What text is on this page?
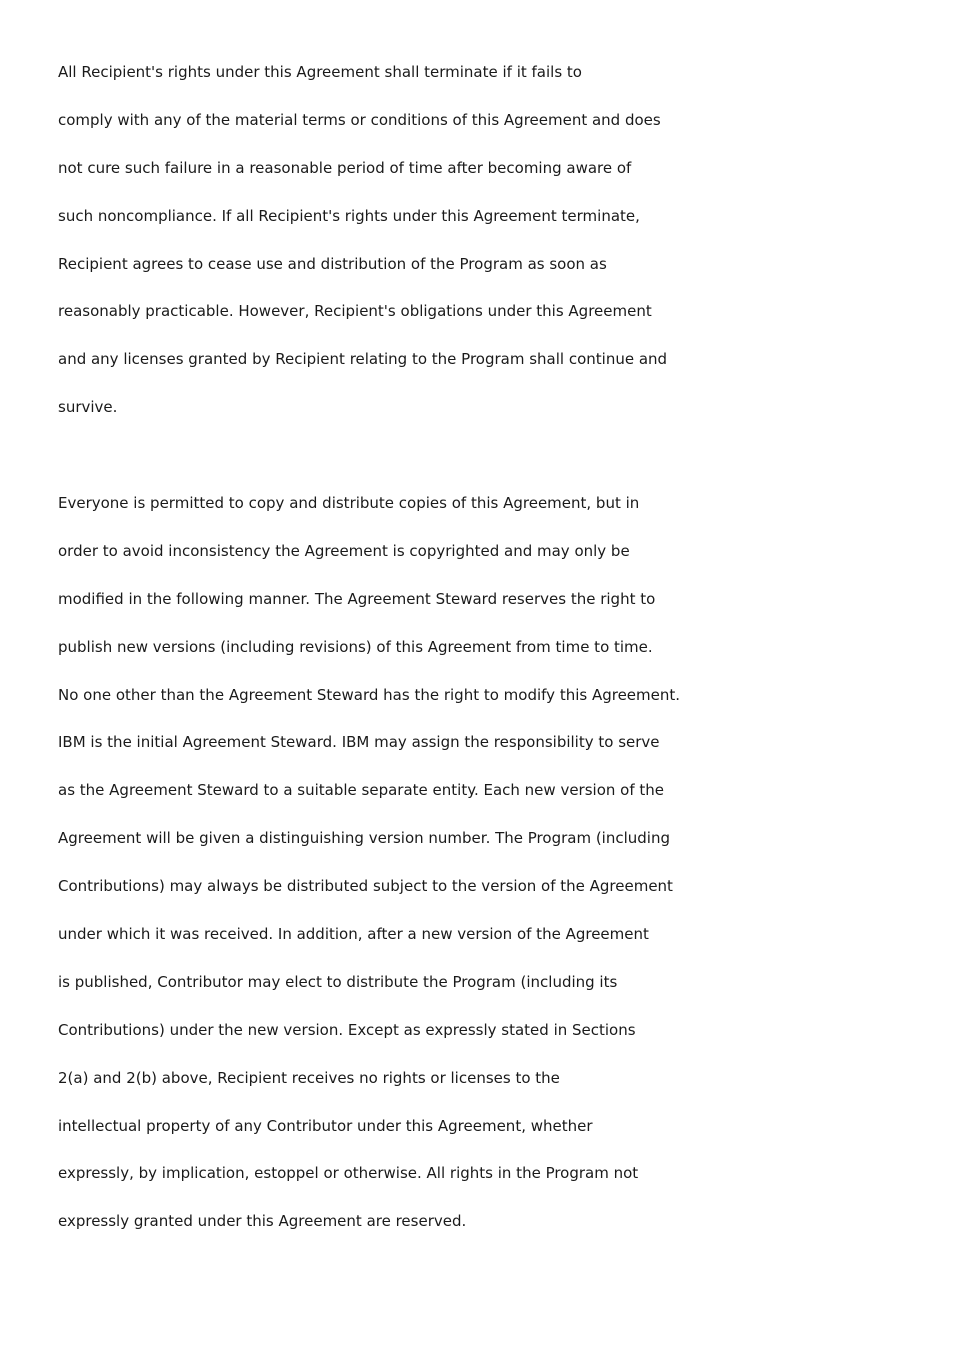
All Recipient's rights under this Agreement shall terminate if it fails to
comply with any of the material terms or conditions of this Agreement and does
not cure such failure in a reasonable period of time after becoming aware of
such noncompliance. If all Recipient's rights under this Agreement terminate,
Recipient agrees to cease use and distribution of the Program as soon as
reasonably practicable. However, Recipient's obligations under this Agreement
and any licenses granted by Recipient relating to the Program shall continue and
survive.
Everyone is permitted to copy and distribute copies of this Agreement, but in
order to avoid inconsistency the Agreement is copyrighted and may only be
modified in the following manner. The Agreement Steward reserves the right to
publish new versions (including revisions) of this Agreement from time to time.
No one other than the Agreement Steward has the right to modify this Agreement.
IBM is the initial Agreement Steward. IBM may assign the responsibility to serve
as the Agreement Steward to a suitable separate entity. Each new version of the
Agreement will be given a distinguishing version number. The Program (including
Contributions) may always be distributed subject to the version of the Agreement
under which it was received. In addition, after a new version of the Agreement
is published, Contributor may elect to distribute the Program (including its
Contributions) under the new version. Except as expressly stated in Sections
2(a) and 2(b) above, Recipient receives no rights or licenses to the
intellectual property of any Contributor under this Agreement, whether
expressly, by implication, estoppel or otherwise. All rights in the Program not
expressly granted under this Agreement are reserved.
